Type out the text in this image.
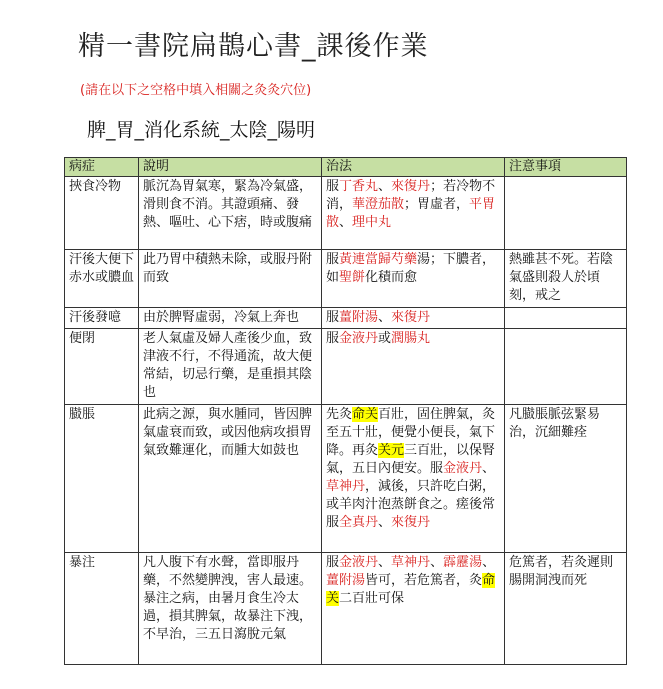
精一書院扁鵲心書_課後作業
(請在以下之空格中填入相關之灸灸穴位)
脾_胃_消化系統_太陰_陽明
病症	說明	治法	注意事項
挾食冷物	脈沉為胃氣寒，緊為冷氣盛，滑則食不消。其證頭痛、發熱、嘔吐、心下痞，時或腹痛	服丁香丸、來復丹；若冷物不消，華澄茄散；胃虛者，平胃散、理中丸	
汗後大便下赤水或膿血	此乃胃中積熱未除，或服丹附而致	服黃連當歸芍藥湯；下膿者，如聖餅化積而愈	熱雖甚不死。若陰氣盛則殺人於頃刻，戒之
汗後發噫	由於脾腎虛弱，冷氣上奔也	服薑附湯、來復丹	
便閉	老人氣虛及婦人產後少血，致津液不行，不得通流，故大便常結，切忌行藥，是重損其陰也	服金液丹或潤腸丸	
臌脹	此病之源，與水腫同，皆因脾氣虛衰而致，或因他病攻損胃氣致難運化，而腫大如鼓也	先灸命关百壯，固住脾氣，灸至五十壯，便覺小便長，氣下降。再灸关元三百壯，以保腎氣，五日內便安。服金液丹、草神丹，減後，只許吃白粥，或羊肉汁泡蒸餅食之。瘥後常服全真丹、來復丹	凡臌脹脈弦緊易治，沉細難痊
暴注	凡人腹下有水聲，當即服丹藥，不然變脾洩，害人最速。暴注之病，由暑月食生冷太過，損其脾氣，故暴注下洩，不早治，三五日瀉脫元氣	服金液丹、草神丹、霹靂湯、薑附湯皆可，若危篤者，灸命关二百壯可保	危篤者，若灸遲則腸開洞洩而死
